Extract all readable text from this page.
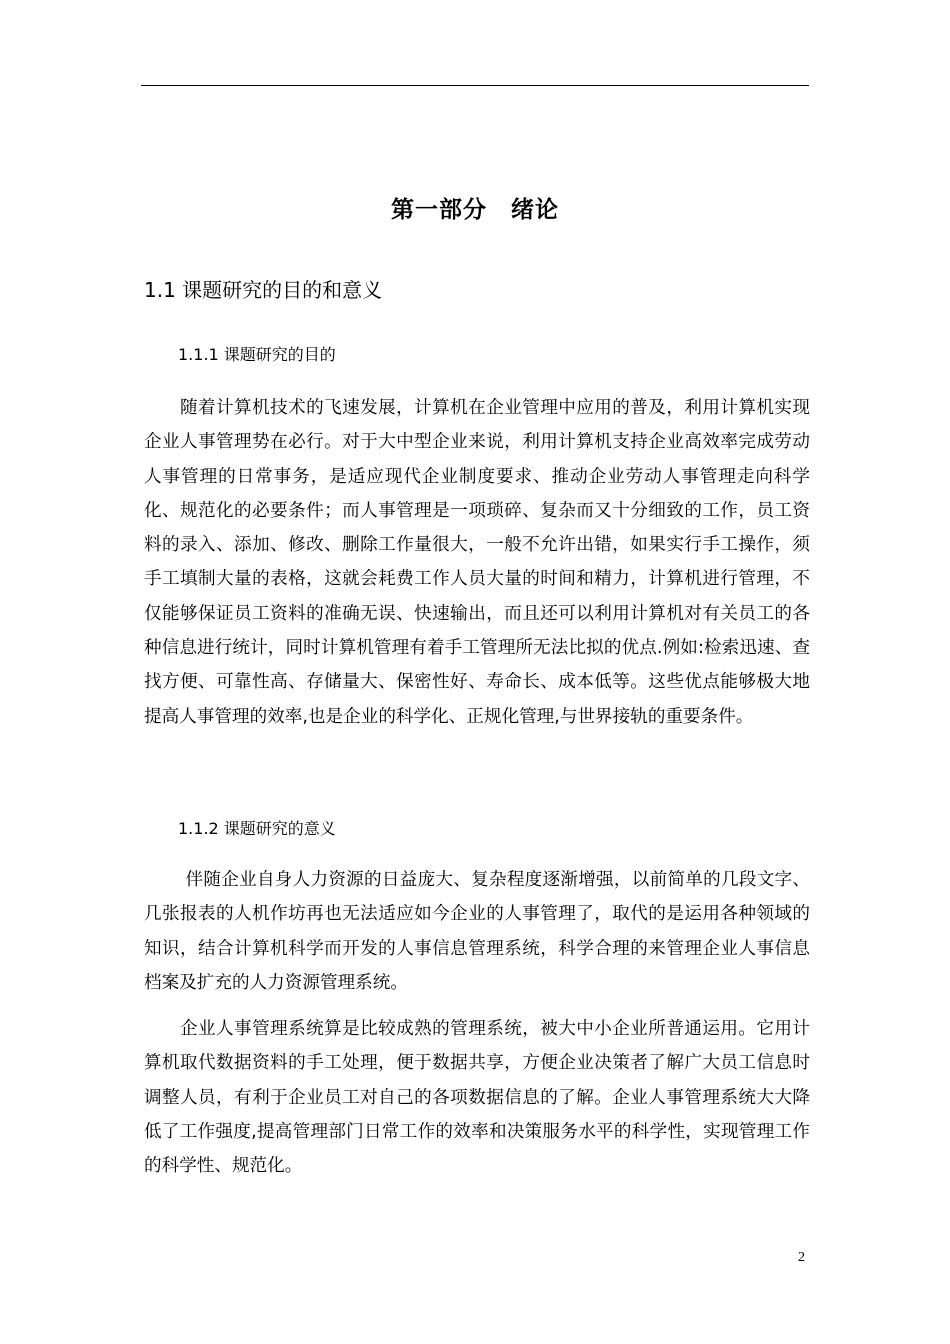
第一部分　绪论
1.1 课题研究的目的和意义
1.1.1 课题研究的目的

　　随着计算机技术的飞速发展，计算机在企业管理中应用的普及，利用计算机实现企业人事管理势在必行。对于大中型企业来说，利用计算机支持企业高效率完成劳动人事管理的日常事务，是适应现代企业制度要求、推动企业劳动人事管理走向科学化、规范化的必要条件；而人事管理是一项琐碎、复杂而又十分细致的工作，员工资料的录入、添加、修改、删除工作量很大，一般不允许出错，如果实行手工操作，须手工填制大量的表格，这就会耗费工作人员大量的时间和精力，计算机进行管理，不仅能够保证员工资料的准确无误、快速输出，而且还可以利用计算机对有关员工的各种信息进行统计，同时计算机管理有着手工管理所无法比拟的优点.例如:检索迅速、查找方便、可靠性高、存储量大、保密性好、寿命长、成本低等。这些优点能够极大地提高人事管理的效率,也是企业的科学化、正规化管理,与世界接轨的重要条件。

1.1.2 课题研究的意义

　　 伴随企业自身人力资源的日益庞大、复杂程度逐渐增强，以前简单的几段文字、几张报表的人机作坊再也无法适应如今企业的人事管理了，取代的是运用各种领域的知识，结合计算机科学而开发的人事信息管理系统，科学合理的来管理企业人事信息档案及扩充的人力资源管理系统。

　　企业人事管理系统算是比较成熟的管理系统，被大中小企业所普通运用。它用计算机取代数据资料的手工处理，便于数据共享，方便企业决策者了解广大员工信息时调整人员，有利于企业员工对自己的各项数据信息的了解。企业人事管理系统大大降低了工作强度,提高管理部门日常工作的效率和决策服务水平的科学性，实现管理工作的科学性、规范化。

2
